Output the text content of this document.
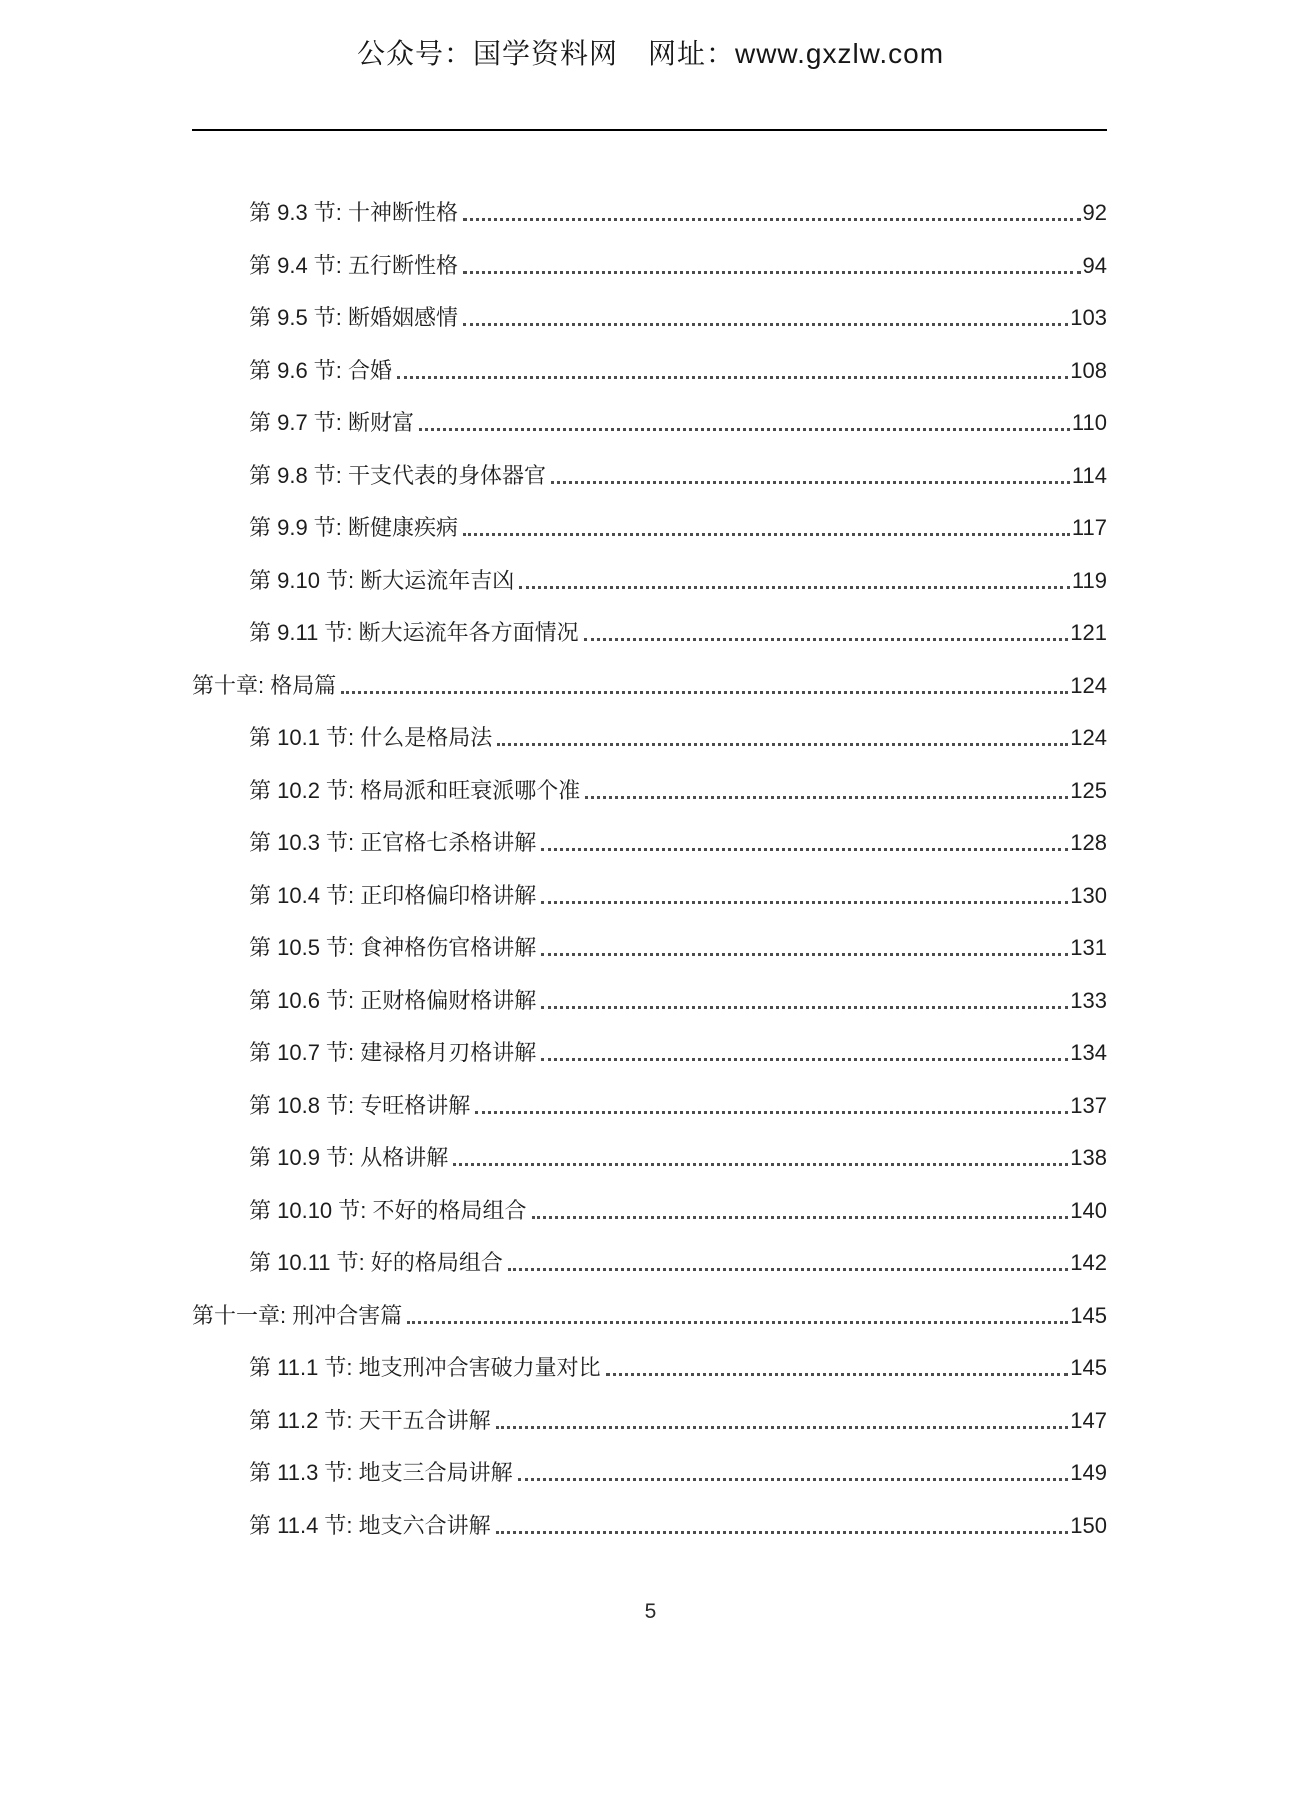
公众号：国学资料网 网址：www.gxzlw.com
第 9.3 节: 十神断性格	92
第 9.4 节: 五行断性格	94
第 9.5 节: 断婚姻感情	103
第 9.6 节: 合婚	108
第 9.7 节: 断财富	110
第 9.8 节: 干支代表的身体器官	114
第 9.9 节: 断健康疾病	117
第 9.10 节: 断大运流年吉凶	119
第 9.11 节: 断大运流年各方面情况	121
第十章: 格局篇	124
第 10.1 节: 什么是格局法	124
第 10.2 节: 格局派和旺衰派哪个准	125
第 10.3 节: 正官格七杀格讲解	128
第 10.4 节: 正印格偏印格讲解	130
第 10.5 节: 食神格伤官格讲解	131
第 10.6 节: 正财格偏财格讲解	133
第 10.7 节: 建禄格月刃格讲解	134
第 10.8 节: 专旺格讲解	137
第 10.9 节: 从格讲解	138
第 10.10 节: 不好的格局组合	140
第 10.11 节: 好的格局组合	142
第十一章: 刑冲合害篇	145
第 11.1 节: 地支刑冲合害破力量对比	145
第 11.2 节: 天干五合讲解	147
第 11.3 节: 地支三合局讲解	149
第 11.4 节: 地支六合讲解	150
5
